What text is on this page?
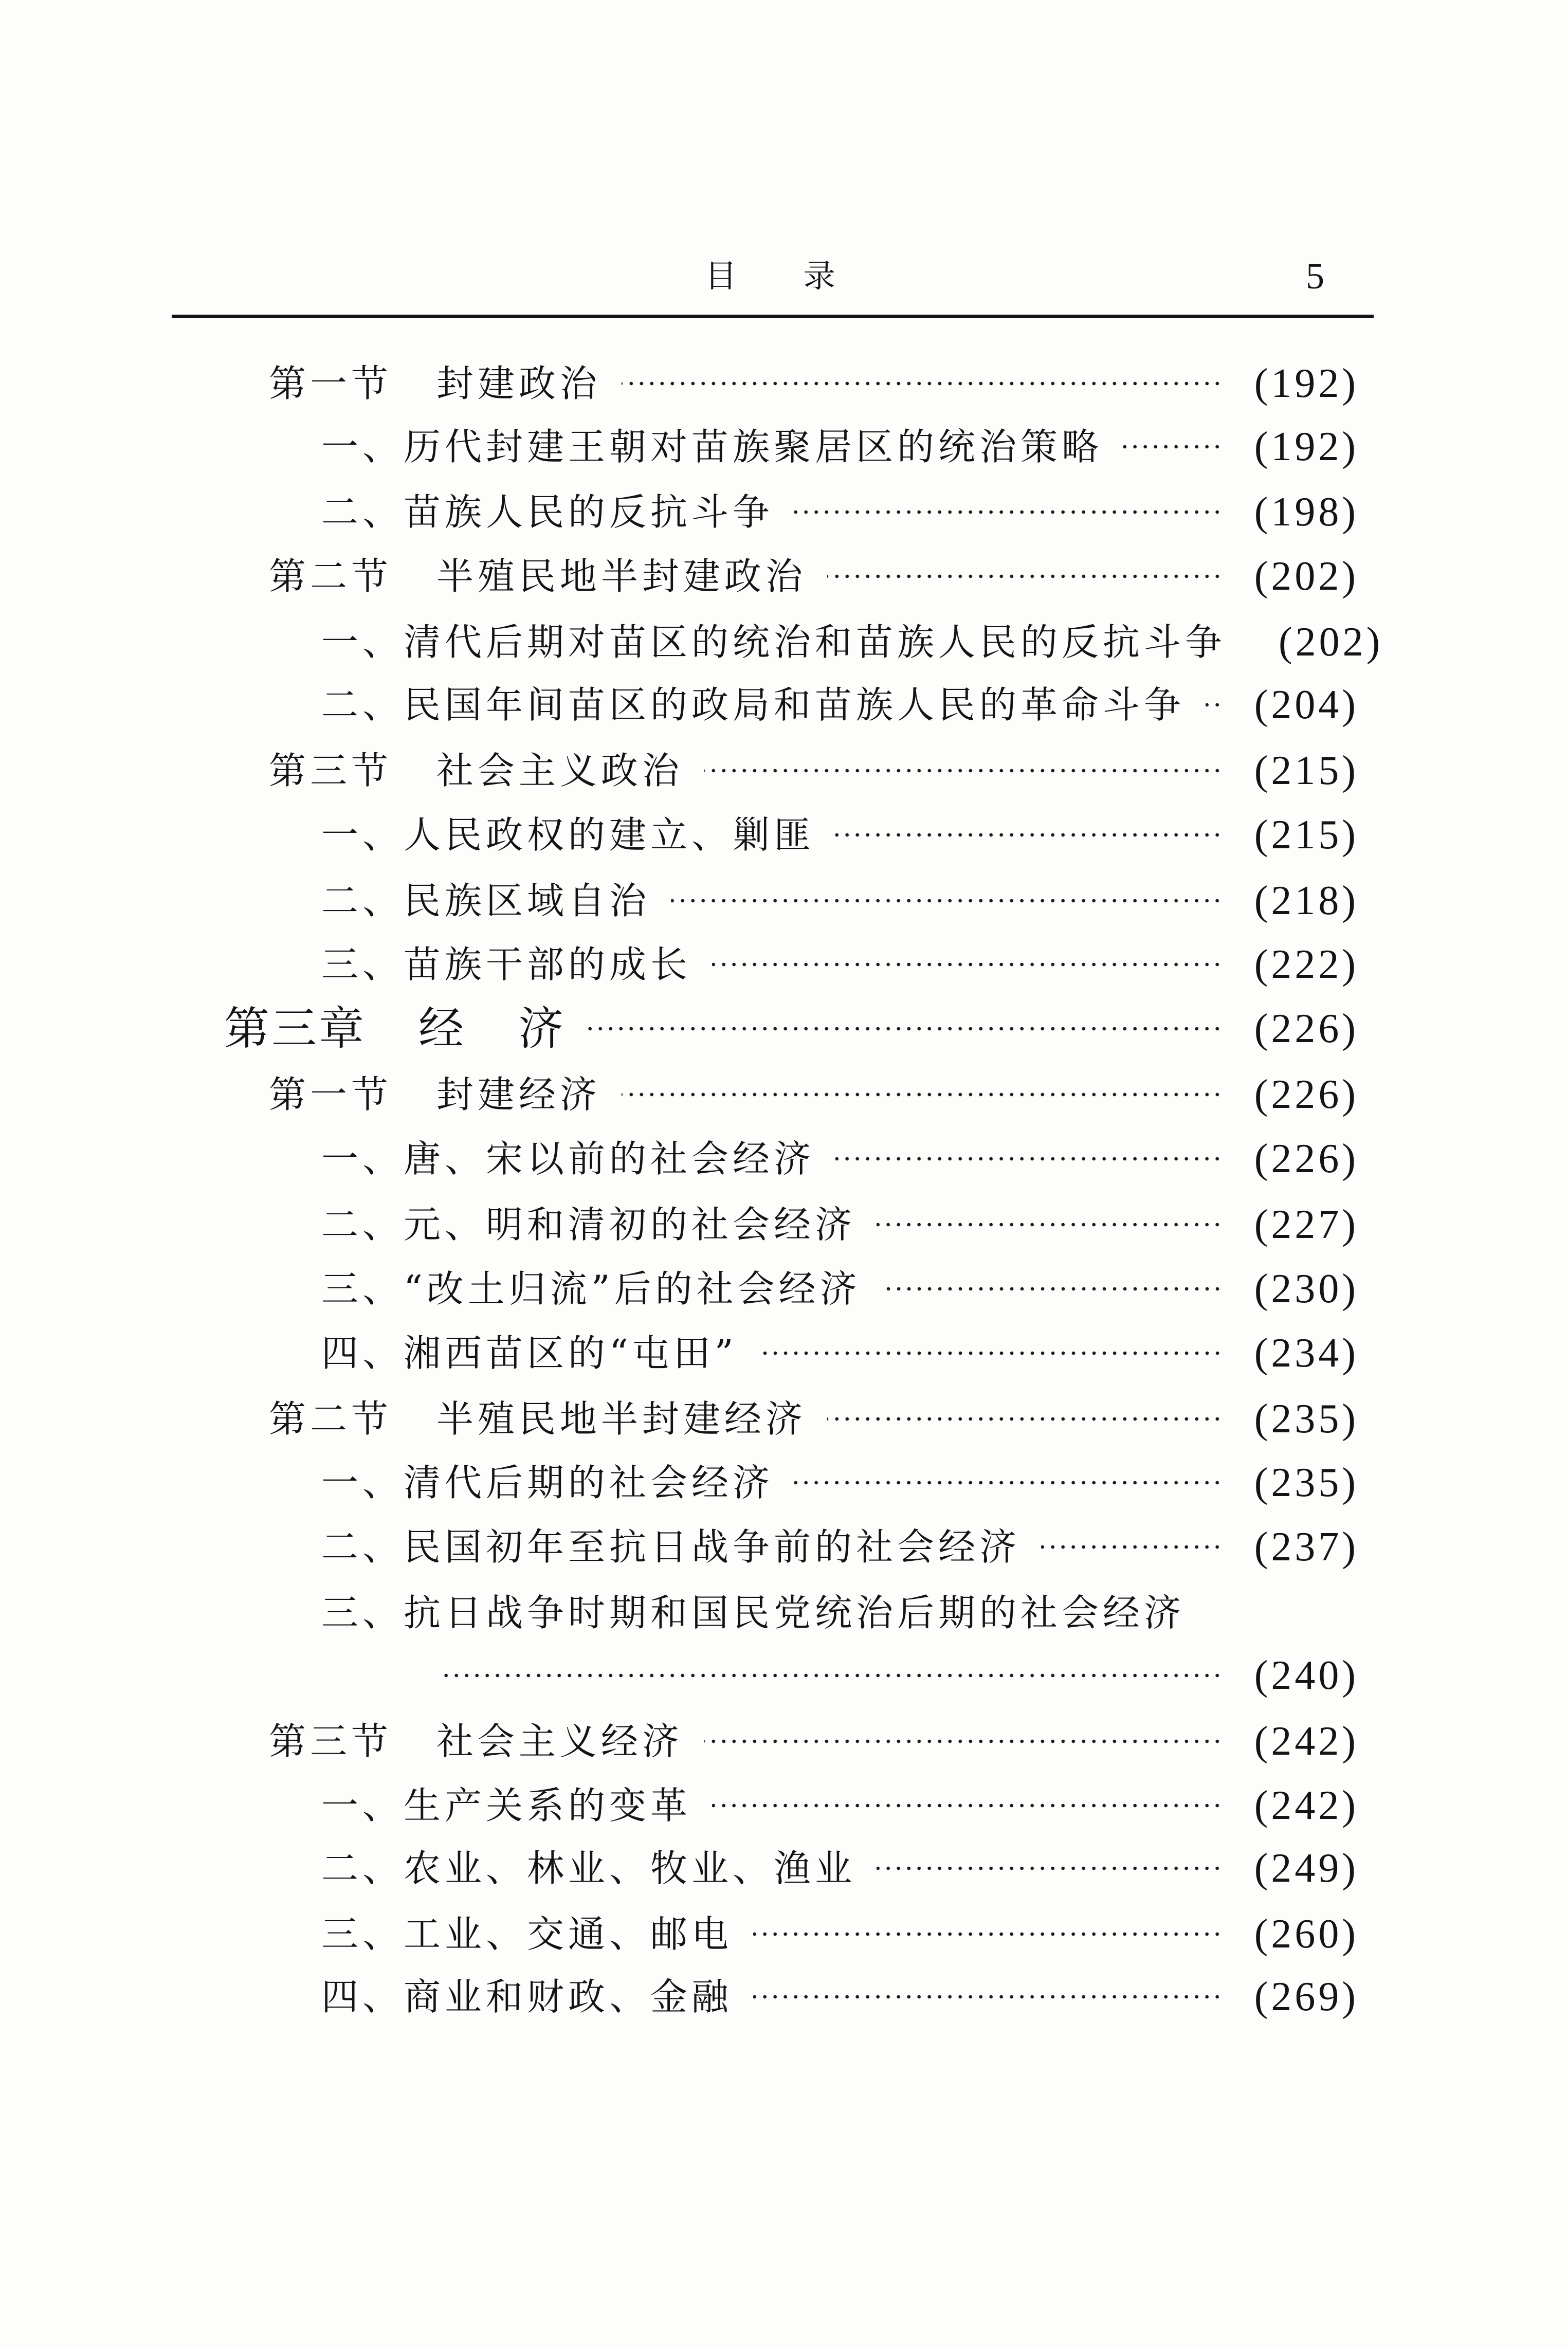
目 录	5
第一节 封建政治	(192)
一、历代封建王朝对苗族聚居区的统治策略	(192)
二、苗族人民的反抗斗争	(198)
第二节 半殖民地半封建政治	(202)
一、清代后期对苗区的统治和苗族人民的反抗斗争 (202)
二、民国年间苗区的政局和苗族人民的革命斗争 (204)
第三节 社会主义政治	(215)
一、人民政权的建立、剿匪	(215)
二、民族区域自治	(218)
三、苗族干部的成长	(222)
第三章 经 济	(226)
第一节 封建经济	(226)
一、唐、宋以前的社会经济	(226)
二、元、明和清初的社会经济	(227)
三、“改土归流”后的社会经济	(230)
四、湘西苗区的“屯田”	(234)
第二节 半殖民地半封建经济	(235)
一、清代后期的社会经济	(235)
二、民国初年至抗日战争前的社会经济	(237)
三、抗日战争时期和国民党统治后期的社会经济
(240)
第三节 社会主义经济	(242)
一、生产关系的变革	(242)
二、农业、林业、牧业、渔业	(249)
三、工业、交通、邮电	(260)
四、商业和财政、金融	(269)
